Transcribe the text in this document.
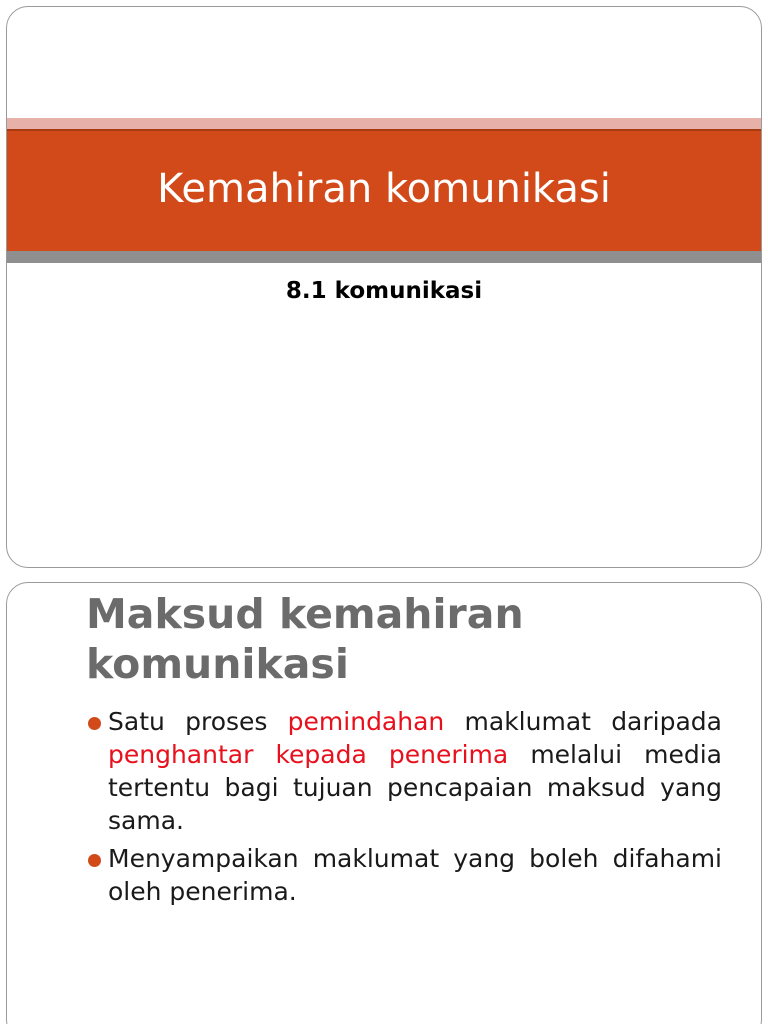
Kemahiran komunikasi
8.1 komunikasi
Maksud kemahiran komunikasi
Satu proses pemindahan maklumat daripada penghantar kepada penerima melalui media tertentu bagi tujuan pencapaian maksud yang sama.
Menyampaikan maklumat yang boleh difahami oleh penerima.
